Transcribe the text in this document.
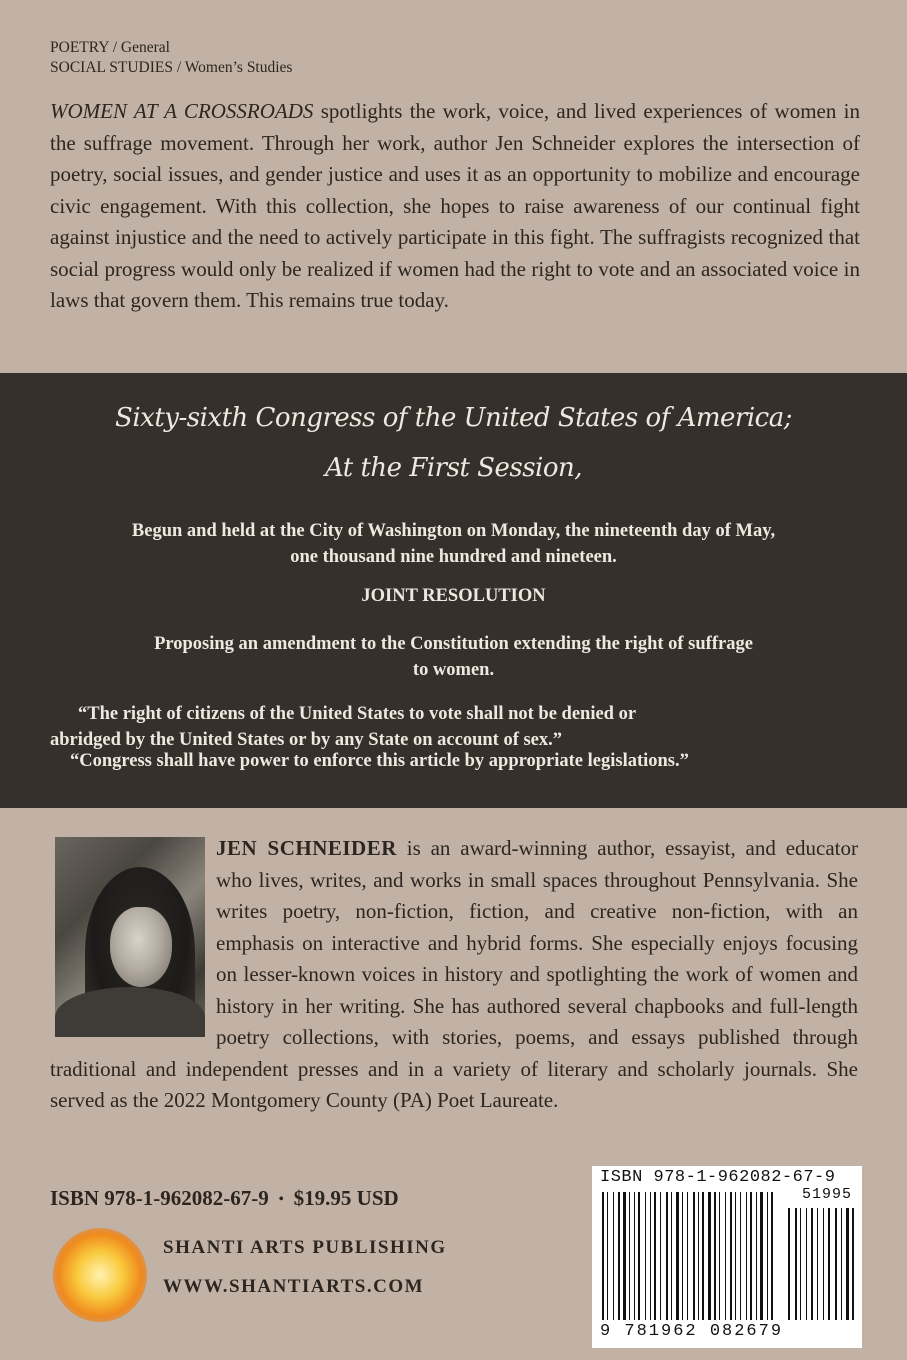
POETRY / General
SOCIAL STUDIES / Women’s Studies
WOMEN AT A CROSSROADS spotlights the work, voice, and lived experiences of women in the suffrage movement. Through her work, author Jen Schneider explores the intersection of poetry, social issues, and gender justice and uses it as an opportunity to mobilize and encourage civic engagement. With this collection, she hopes to raise awareness of our continual fight against injustice and the need to actively participate in this fight. The suffragists recognized that social progress would only be realized if women had the right to vote and an associated voice in laws that govern them. This remains true today.
Sixty-sixth Congress of the United States of America;
At the First Session,
Begun and held at the City of Washington on Monday, the nineteenth day of May,
one thousand nine hundred and nineteen.
JOINT RESOLUTION
Proposing an amendment to the Constitution extending the right of suffrage
to women.
“The right of citizens of the United States to vote shall not be denied or
abridged by the United States or by any State on account of sex.”
“Congress shall have power to enforce this article by appropriate legislations.”
JEN SCHNEIDER is an award-winning author, essayist, and educator who lives, writes, and works in small spaces throughout Pennsylvania. She writes poetry, non-fiction, fiction, and creative non-fiction, with an emphasis on interactive and hybrid forms. She especially enjoys focusing on lesser-known voices in history and spotlighting the work of women and history in her writing. She has authored several chapbooks and full-length poetry collections, with stories, poems, and essays published through traditional and independent presses and in a variety of literary and scholarly journals. She served as the 2022 Montgomery County (PA) Poet Laureate.
ISBN 978-1-962082-67-9 • $19.95 USD
SHANTI ARTS PUBLISHING
WWW.SHANTIARTS.COM
ISBN 978-1-962082-67-9
51995
9 781962 082679
